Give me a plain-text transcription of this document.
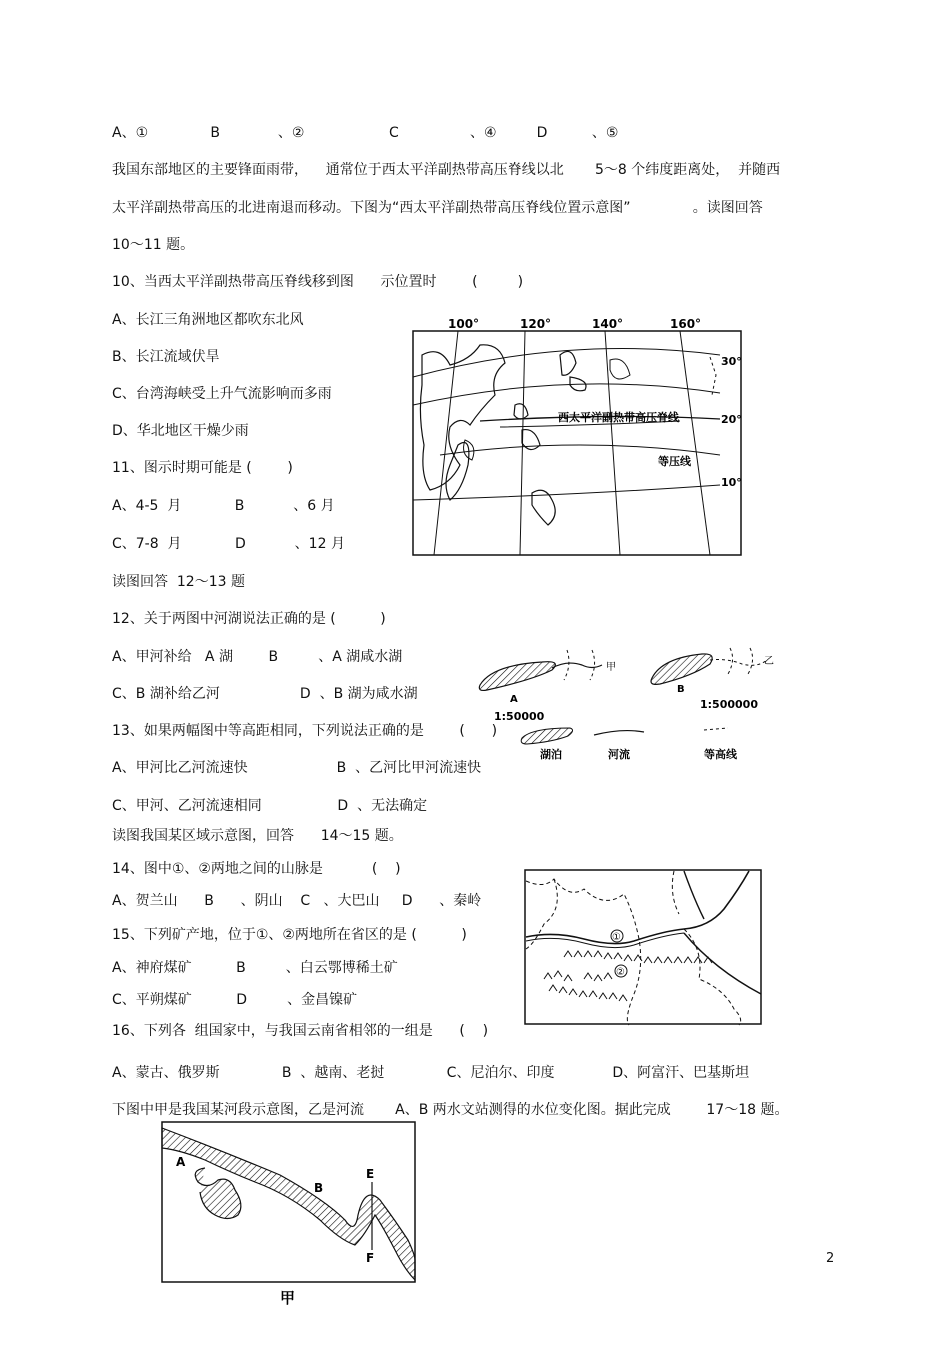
A、①              B             、②                   C                、④         D          、⑤
我国东部地区的主要锋面雨带，    通常位于西太平洋副热带高压脊线以北       5～8 个纬度距离处，  并随西
太平洋副热带高压的北进南退而移动。下图为“西太平洋副热带高压脊线位置示意图”              。读图回答
10～11 题。
10、当西太平洋副热带高压脊线移到图      示位置时        (         )
A、长江三角洲地区都吹东北风
B、长江流域伏旱
C、台湾海峡受上升气流影响而多雨
D、华北地区干燥少雨
11、图示时期可能是 (        )
A、4-5  月            B           、6 月
C、7-8  月            D           、12 月
读图回答  12～13 题
12、关于两图中河湖说法正确的是 (          )
A、甲河补给   A 湖        B         、A 湖咸水湖
C、B 湖补给乙河                  D  、B 湖为咸水湖
13、如果两幅图中等高距相同，下列说法正确的是        (      )
A、甲河比乙河流速快                    B  、乙河比甲河流速快
C、甲河、乙河流速相同                 D  、无法确定
读图我国某区域示意图，回答      14～15 题。
14、图中①、②两地之间的山脉是           (    )
A、贺兰山      B      、阴山    C   、大巴山     D      、秦岭
15、下列矿产地，位于①、②两地所在省区的是 (          )
A、神府煤矿          B         、白云鄂博稀土矿
C、平朔煤矿          D         、金昌镍矿
16、下列各  组国家中，与我国云南省相邻的一组是      (    )
A、蒙古、俄罗斯              B  、越南、老挝              C、尼泊尔、印度             D、阿富汗、巴基斯坦
下图中甲是我国某河段示意图，乙是河流       A、B 两水文站测得的水位变化图。据此完成        17～18 题。
100°	120°	140°	160°
30°
20°
10°
西太平洋副热带高压脊线
等压线
甲
A
1:50000
乙
B
1:500000
湖泊	河流	等高线
①
②
A
B
E
F
甲
2
